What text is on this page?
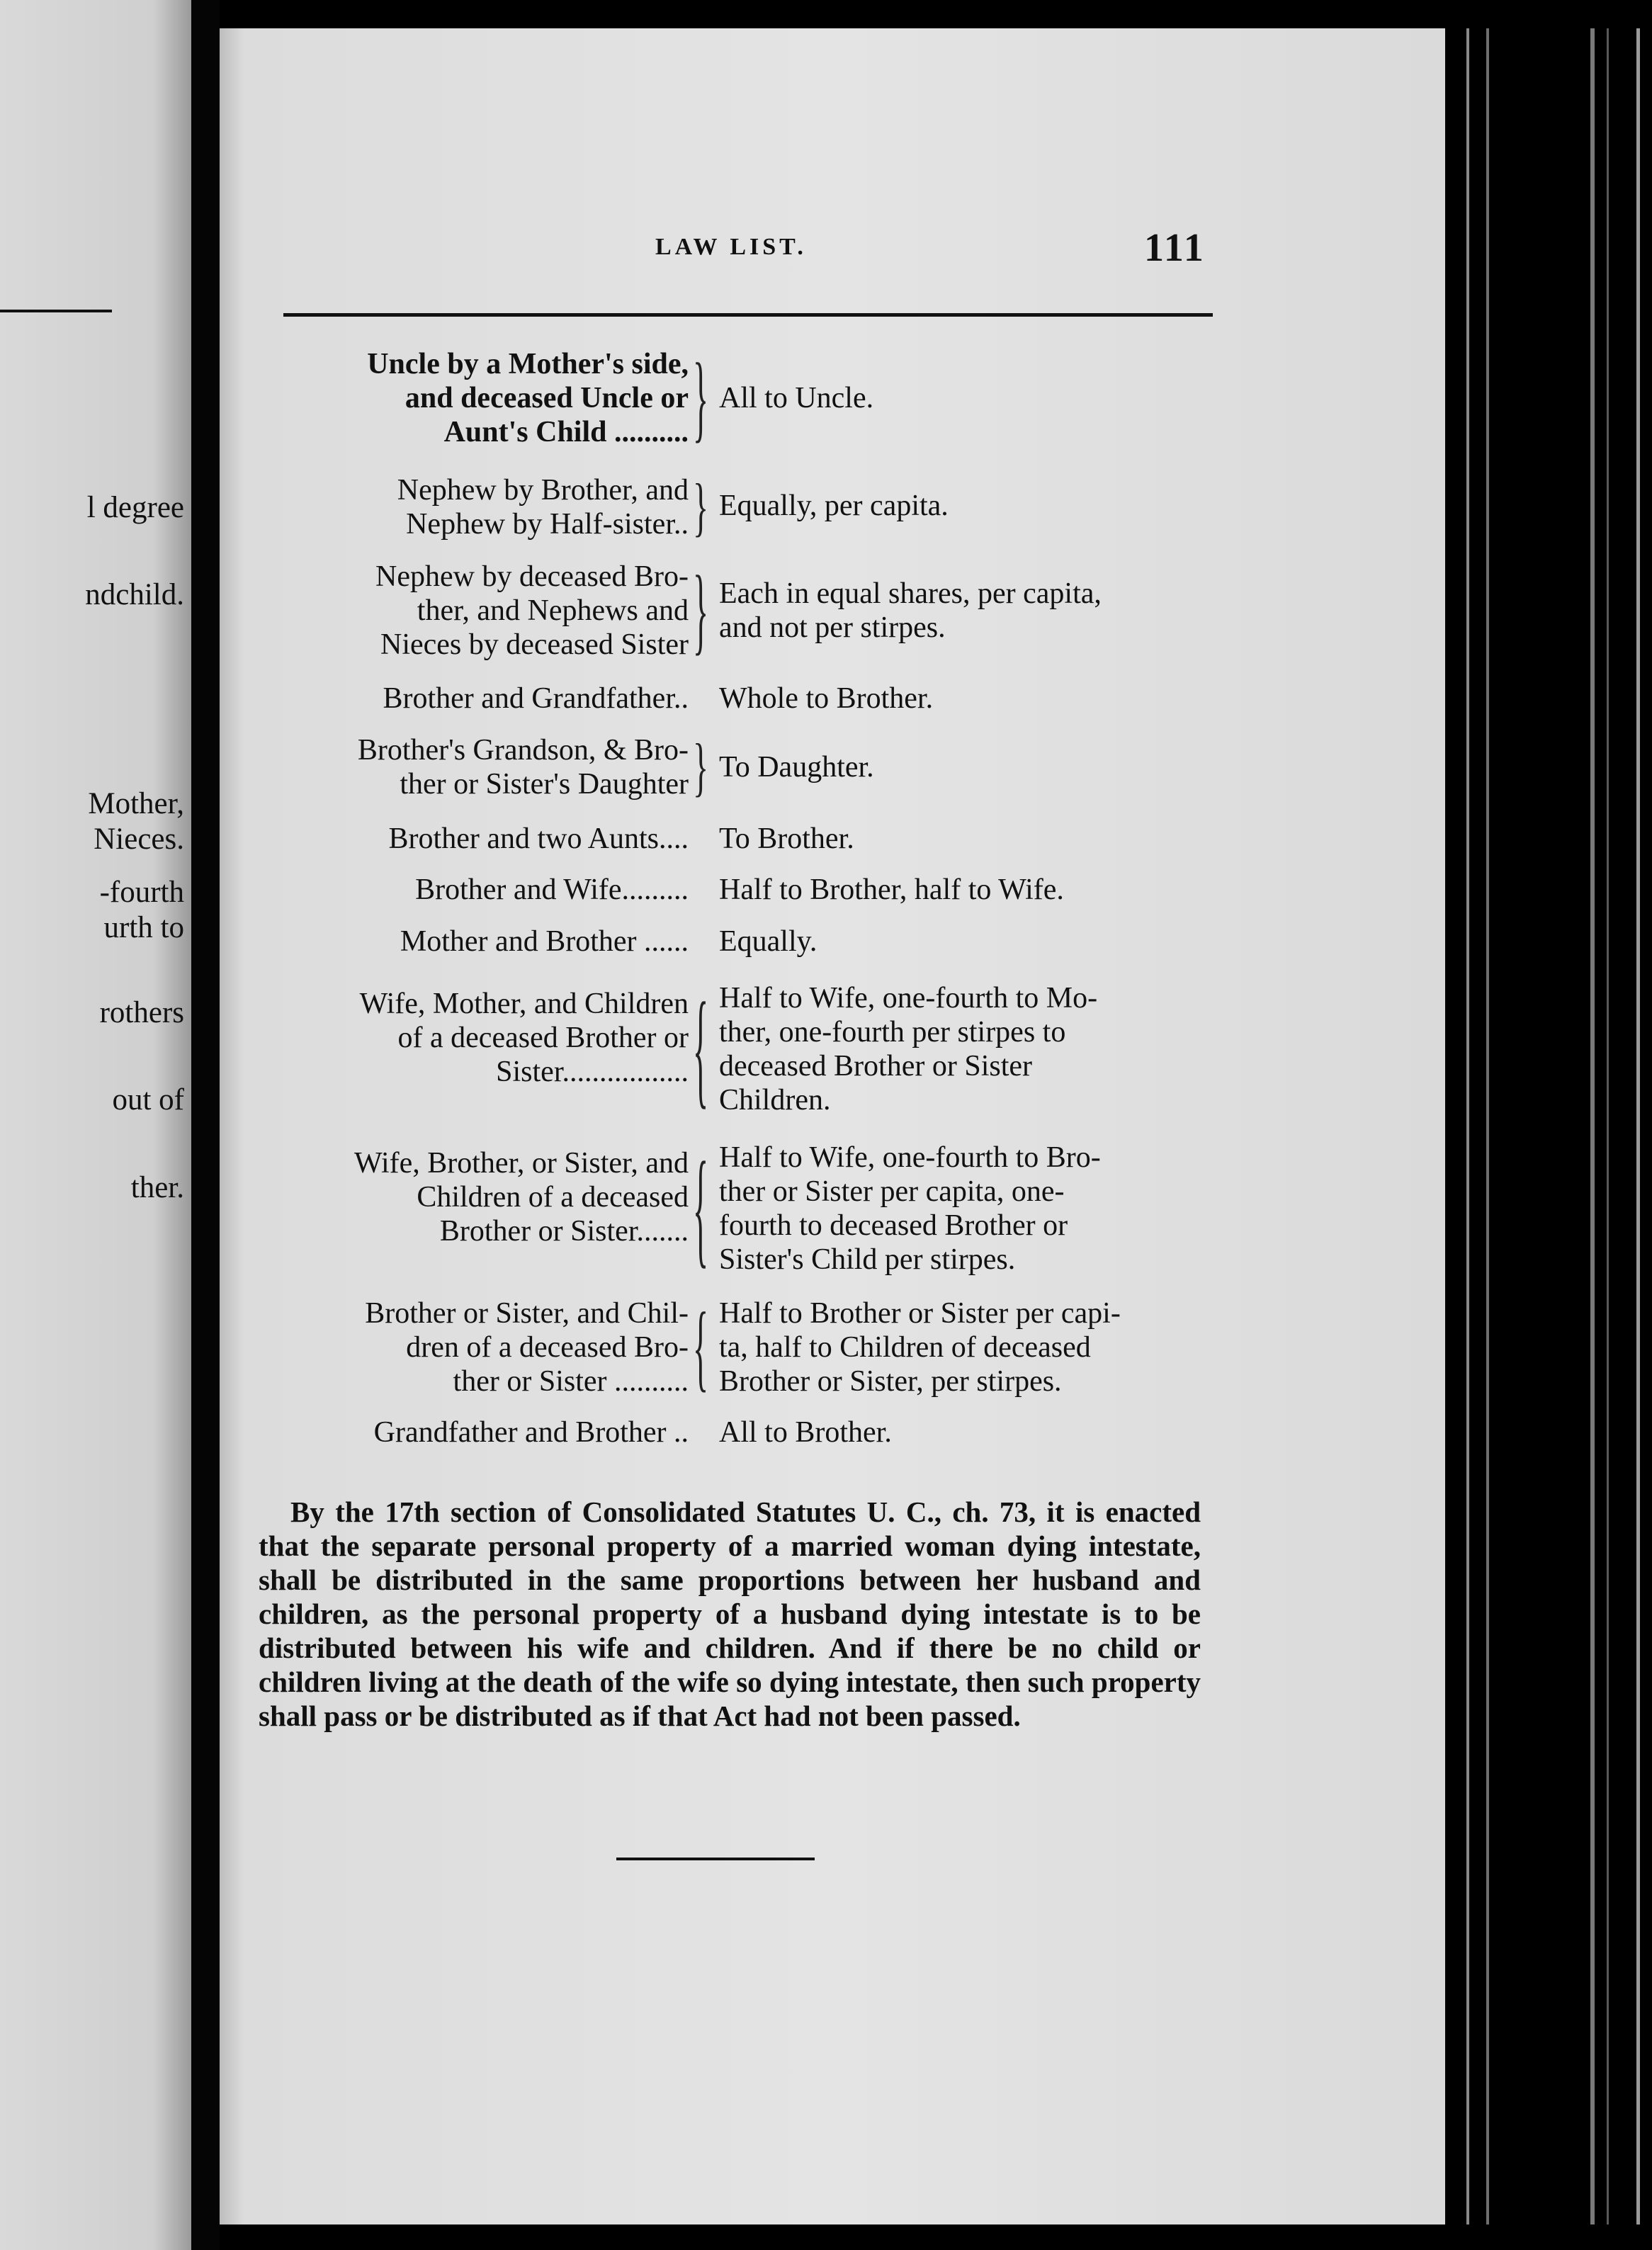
l degree
ndchild.
Mother,
Nieces.
-fourth
urth to
rothers
out of
ther.
LAW LIST.	111
Uncle by a Mother's side,
and deceased Uncle or
Aunt's Child .......... } All to Uncle.
Nephew by Brother, and
Nephew by Half-sister.. } Equally, per capita.
Nephew by deceased Bro-
ther, and Nephews and
Nieces by deceased Sister } Each in equal shares, per capita,
and not per stirpes.
Brother and Grandfather.. Whole to Brother.
Brother's Grandson, & Bro-
ther or Sister's Daughter } To Daughter.
Brother and two Aunts.... To Brother.
Brother and Wife......... Half to Brother, half to Wife.
Mother and Brother ...... Equally.
Wife, Mother, and Children
of a deceased Brother or
Sister................. { Half to Wife, one-fourth to Mo-
ther, one-fourth per stirpes to
deceased Brother or Sister
Children.
Wife, Brother, or Sister, and
Children of a deceased
Brother or Sister....... { Half to Wife, one-fourth to Bro-
ther or Sister per capita, one-
fourth to deceased Brother or
Sister's Child per stirpes.
Brother or Sister, and Chil-
dren of a deceased Bro-
ther or Sister .......... { Half to Brother or Sister per capi-
ta, half to Children of deceased
Brother or Sister, per stirpes.
Grandfather and Brother .. All to Brother.
By the 17th section of Consolidated Statutes U. C., ch. 73, it is enacted that the separate personal property of a married woman dying intestate, shall be distributed in the same proportions between her husband and children, as the personal property of a husband dying intestate is to be distributed between his wife and children. And if there be no child or children living at the death of the wife so dying intestate, then such property shall pass or be distributed as if that Act had not been passed.
